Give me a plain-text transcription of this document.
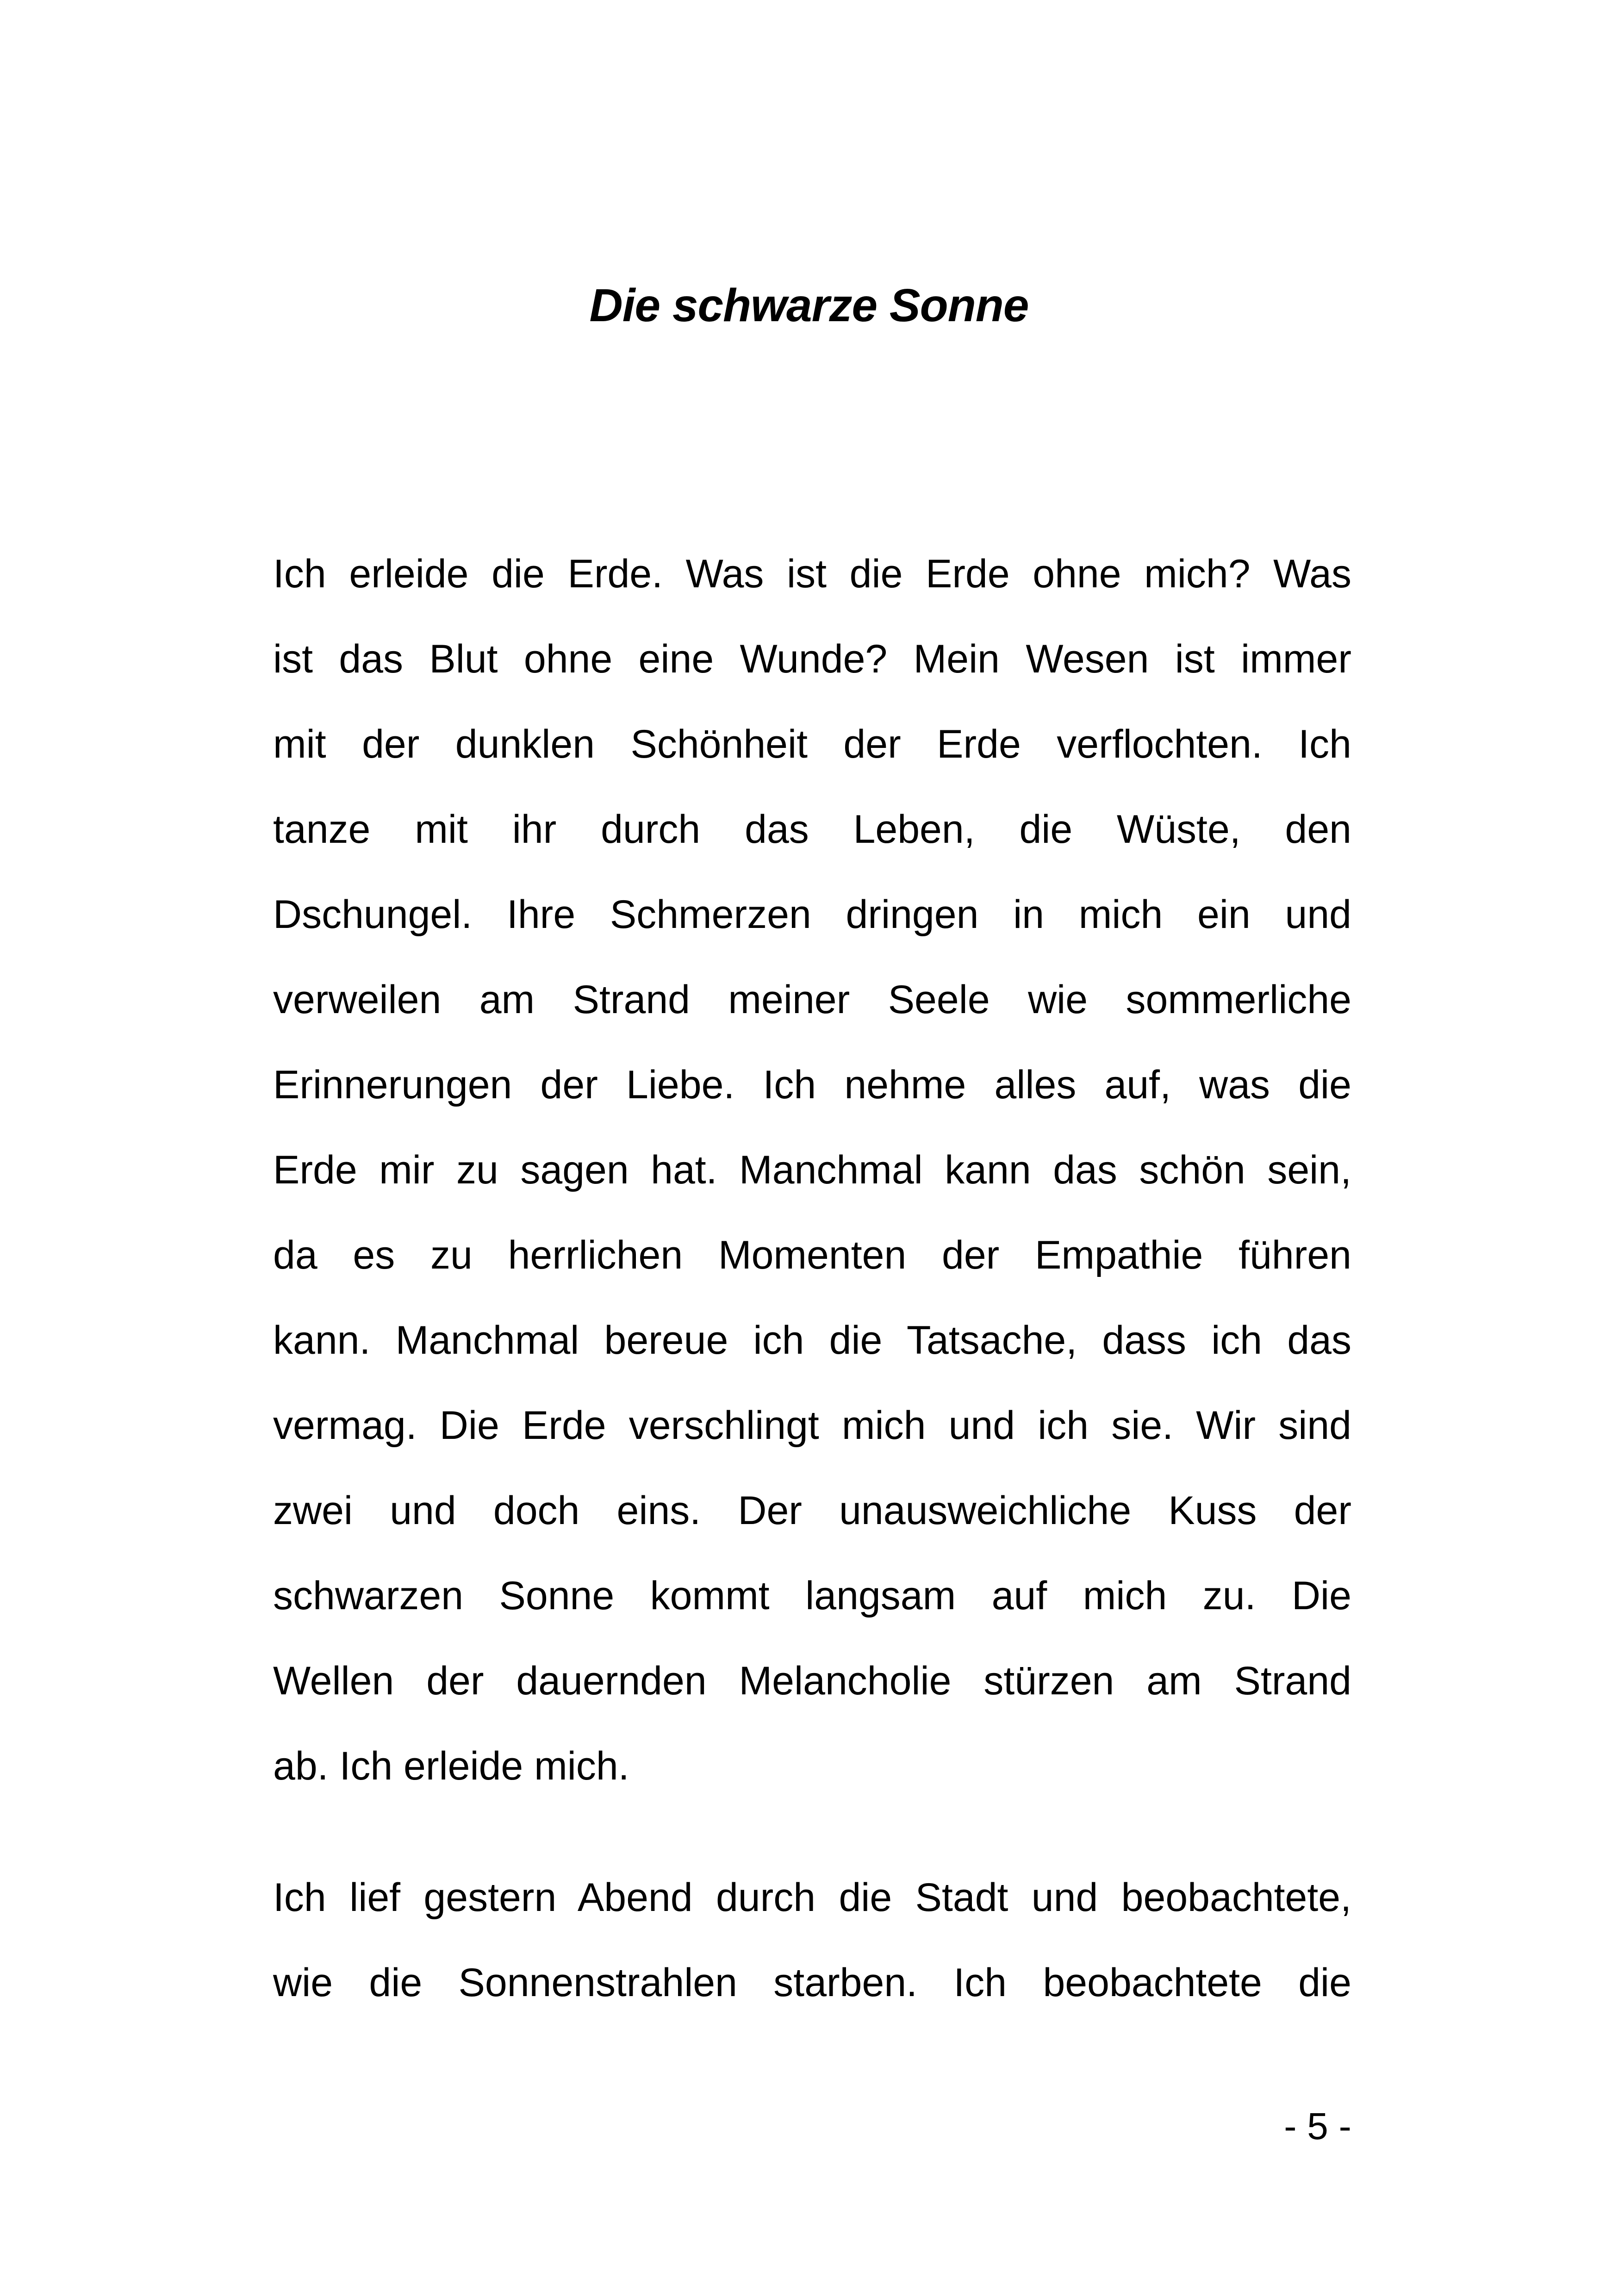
Die schwarze Sonne
Ich erleide die Erde. Was ist die Erde ohne mich? Was
ist das Blut ohne eine Wunde? Mein Wesen ist immer
mit der dunklen Schönheit der Erde verflochten. Ich
tanze mit ihr durch das Leben, die Wüste, den
Dschungel. Ihre Schmerzen dringen in mich ein und
verweilen am Strand meiner Seele wie sommerliche
Erinnerungen der Liebe. Ich nehme alles auf, was die
Erde mir zu sagen hat. Manchmal kann das schön sein,
da es zu herrlichen Momenten der Empathie führen
kann. Manchmal bereue ich die Tatsache, dass ich das
vermag. Die Erde verschlingt mich und ich sie. Wir sind
zwei und doch eins. Der unausweichliche Kuss der
schwarzen Sonne kommt langsam auf mich zu. Die
Wellen der dauernden Melancholie stürzen am Strand
ab. Ich erleide mich.
Ich lief gestern Abend durch die Stadt und beobachtete,
wie die Sonnenstrahlen starben. Ich beobachtete die
- 5 -
